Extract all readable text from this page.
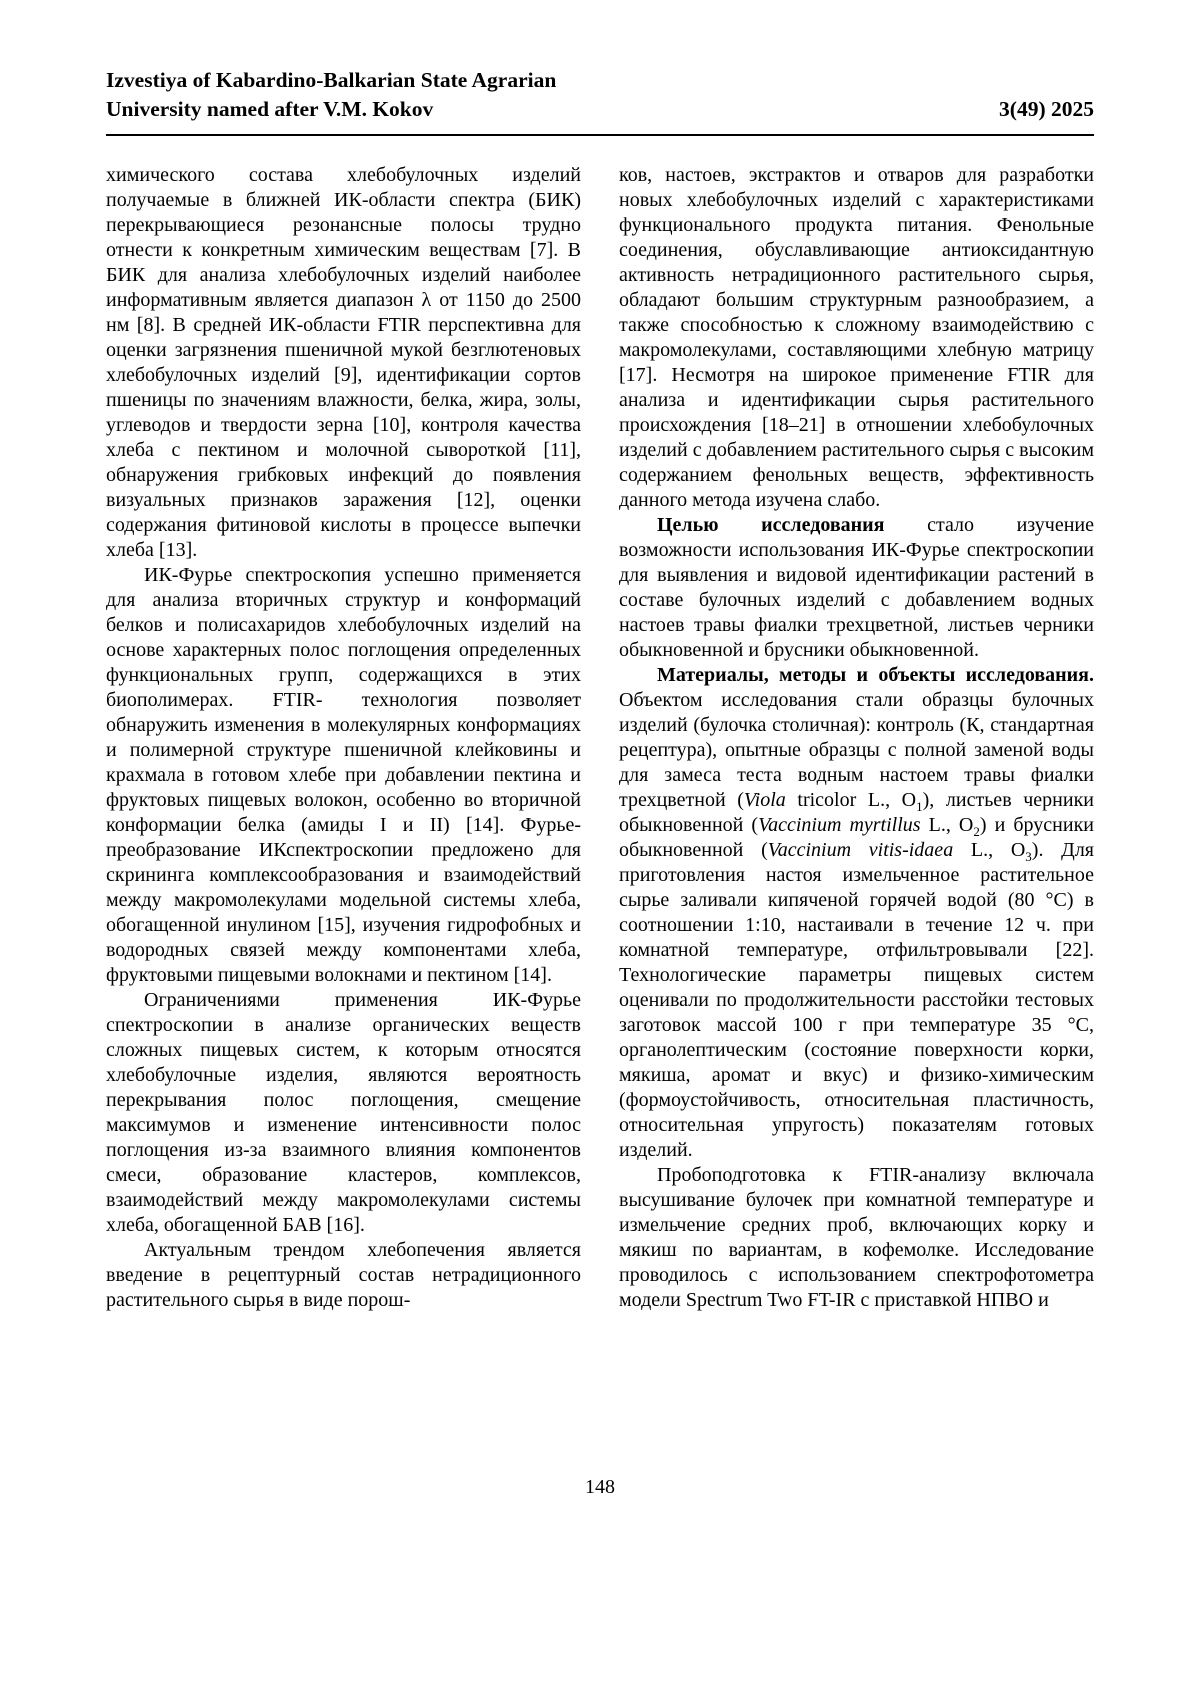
Izvestiya of Kabardino-Balkarian State Agrarian
University named after V.M. Kokov	3(49) 2025

химического состава хлебобулочных изделий получаемые в ближней ИК-области спектра (БИК) перекрывающиеся резонансные полосы трудно отнести к конкретным химическим веществам [7]. В БИК для анализа хлебобулочных изделий наиболее информативным является диапазон λ от 1150 до 2500 нм [8]. В средней ИК-области FTIR перспективна для оценки загрязнения пшеничной мукой безглютеновых хлебобулочных изделий [9], идентификации сортов пшеницы по значениям влажности, белка, жира, золы, углеводов и твердости зерна [10], контроля качества хлеба с пектином и молочной сывороткой [11], обнаружения грибковых инфекций до появления визуальных признаков заражения [12], оценки содержания фитиновой кислоты в процессе выпечки хлеба [13].

ИК-Фурье спектроскопия успешно применяется для анализа вторичных структур и конформаций белков и полисахаридов хлебобулочных изделий на основе характерных полос поглощения определенных функциональных групп, содержащихся в этих биополимерах. FTIR- технология позволяет обнаружить изменения в молекулярных конформациях и полимерной структуре пшеничной клейковины и крахмала в готовом хлебе при добавлении пектина и фруктовых пищевых волокон, особенно во вторичной конформации белка (амиды I и II) [14]. Фурье-преобразование ИКспектроскопии предложено для скрининга комплексообразования и взаимодействий между макромолекулами модельной системы хлеба, обогащенной инулином [15], изучения гидрофобных и водородных связей между компонентами хлеба, фруктовыми пищевыми волокнами и пектином [14].

Ограничениями применения ИК-Фурье спектроскопии в анализе органических веществ сложных пищевых систем, к которым относятся хлебобулочные изделия, являются вероятность перекрывания полос поглощения, смещение максимумов и изменение интенсивности полос поглощения из-за взаимного влияния компонентов смеси, образование кластеров, комплексов, взаимодействий между макромолекулами системы хлеба, обогащенной БАВ [16].

Актуальным трендом хлебопечения является введение в рецептурный состав нетрадиционного растительного сырья в виде порош-

ков, настоев, экстрактов и отваров для разработки новых хлебобулочных изделий с характеристиками функционального продукта питания. Фенольные соединения, обуславливающие антиоксидантную активность нетрадиционного растительного сырья, обладают большим структурным разнообразием, а также способностью к сложному взаимодействию с макромолекулами, составляющими хлебную матрицу [17]. Несмотря на широкое применение FTIR для анализа и идентификации сырья растительного происхождения [18–21] в отношении хлебобулочных изделий с добавлением растительного сырья с высоким содержанием фенольных веществ, эффективность данного метода изучена слабо.

Целью исследования стало изучение возможности использования ИК-Фурье спектроскопии для выявления и видовой идентификации растений в составе булочных изделий с добавлением водных настоев травы фиалки трехцветной, листьев черники обыкновенной и брусники обыкновенной.

Материалы, методы и объекты исследования. Объектом исследования стали образцы булочных изделий (булочка столичная): контроль (К, стандартная рецептура), опытные образцы с полной заменой воды для замеса теста водным настоем травы фиалки трехцветной (Viola tricolor L., $O_1$), листьев черники обыкновенной (Vaccinium myrtillus L., $O_2$) и брусники обыкновенной (Vaccinium vitis-idaea L., $O_3$). Для приготовления настоя измельченное растительное сырье заливали кипяченой горячей водой (80 °C) в соотношении 1:10, настаивали в течение 12 ч. при комнатной температуре, отфильтровывали [22]. Технологические параметры пищевых систем оценивали по продолжительности расстойки тестовых заготовок массой 100 г при температуре 35 °C, органолептическим (состояние поверхности корки, мякиша, аромат и вкус) и физико-химическим (формоустойчивость, относительная пластичность, относительная упругость) показателям готовых изделий.

Пробоподготовка к FTIR-анализу включала высушивание булочек при комнатной температуре и измельчение средних проб, включающих корку и мякиш по вариантам, в кофемолке. Исследование проводилось с использованием спектрофотометра модели Spectrum Two FT-IR с приставкой НПВО и

148
